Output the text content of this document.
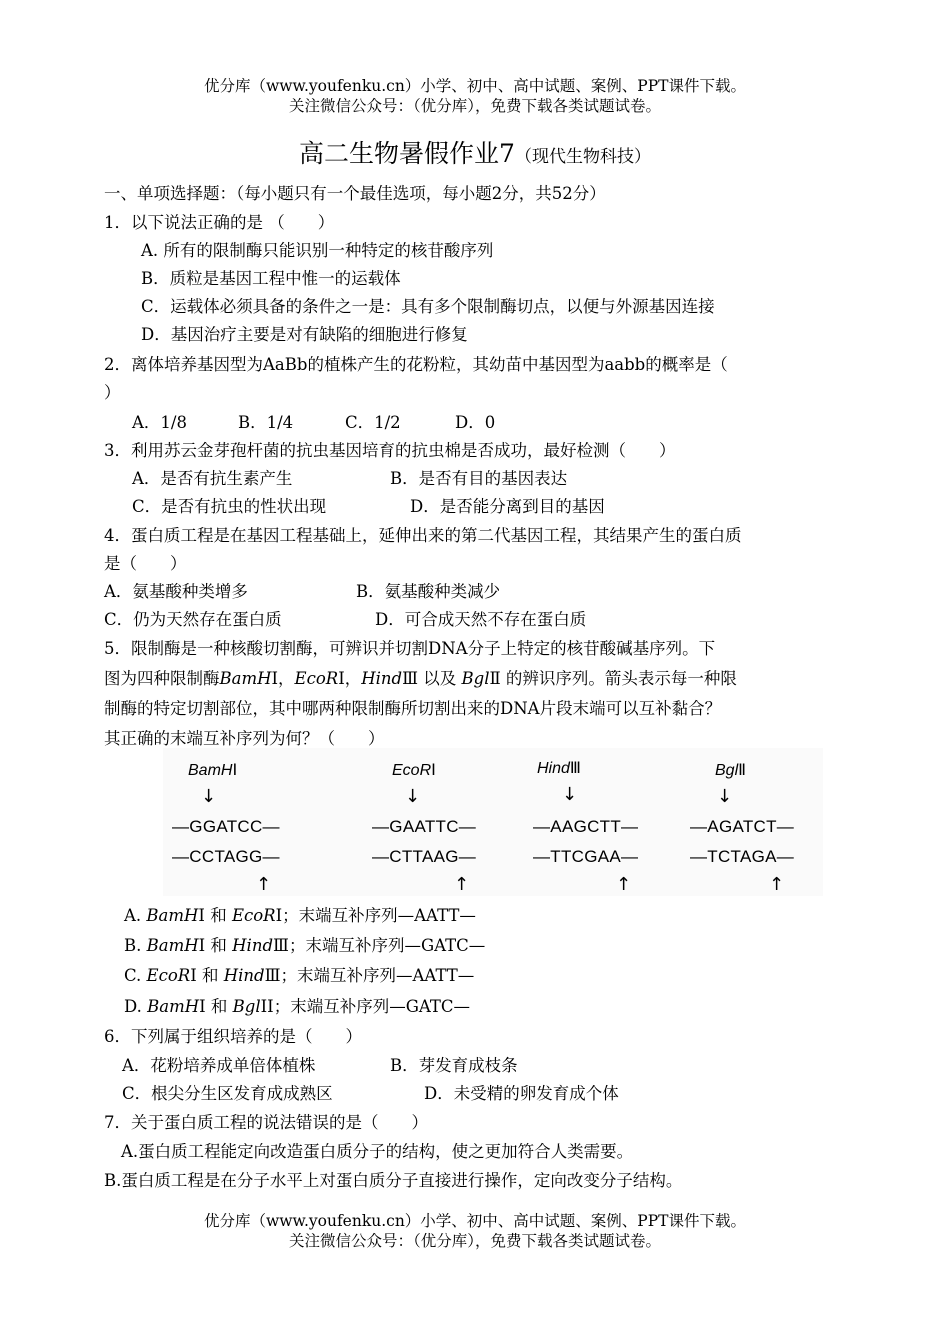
优分库（www.youfenku.cn）小学、初中、高中试题、案例、PPT课件下载。
关注微信公众号：（优分库），免费下载各类试题试卷。
高二生物暑假作业7（现代生物科技）
一、单项选择题：（每小题只有一个最佳选项，每小题2分，共52分）
1．以下说法正确的是 （　　）
A. 所有的限制酶只能识别一种特定的核苷酸序列
B．质粒是基因工程中惟一的运载体
C．运载体必须具备的条件之一是：具有多个限制酶切点，以便与外源基因连接
D．基因治疗主要是对有缺陷的细胞进行修复
2．离体培养基因型为AaBb的植株产生的花粉粒，其幼苗中基因型为aabb的概率是（
）
A．1/8	B．1/4	C．1/2	D．0
3．利用苏云金芽孢杆菌的抗虫基因培育的抗虫棉是否成功，最好检测（　　）
A．是否有抗生素产生	B．是否有目的基因表达
C．是否有抗虫的性状出现	D．是否能分离到目的基因
4．蛋白质工程是在基因工程基础上，延伸出来的第二代基因工程，其结果产生的蛋白质
是（　　）
A．氨基酸种类增多	B．氨基酸种类减少
C．仍为天然存在蛋白质	D．可合成天然不存在蛋白质
5．限制酶是一种核酸切割酶，可辨识并切割DNA分子上特定的核苷酸碱基序列。下
图为四种限制酶BamHⅠ，EcoRⅠ，HindⅢ 以及 BglⅡ 的辨识序列。箭头表示每一种限
制酶的特定切割部位，其中哪两种限制酶所切割出来的DNA片段末端可以互补黏合？
其正确的末端互补序列为何？（　　）
BamHⅠ	EcoRⅠ	HindⅢ	BglⅡ
↓	↓	↓	↓
—GGATCC—	—GAATTC—	—AAGCTT—	—AGATCT—
—CCTAGG—	—CTTAAG—	—TTCGAA—	—TCTAGA—
↑	↑	↑	↑
A. BamHⅠ 和 EcoRⅠ；末端互补序列—AATT—
B. BamHⅠ 和 HindⅢ；末端互补序列—GATC—
C. EcoRⅠ 和 HindⅢ；末端互补序列—AATT—
D. BamHⅠ 和 BglⅠⅠ；末端互补序列—GATC—
6．下列属于组织培养的是（　　）
A．花粉培养成单倍体植株	B．芽发育成枝条
C．根尖分生区发育成成熟区	D．未受精的卵发育成个体
7．关于蛋白质工程的说法错误的是（　　）
A.蛋白质工程能定向改造蛋白质分子的结构，使之更加符合人类需要。
B.蛋白质工程是在分子水平上对蛋白质分子直接进行操作，定向改变分子结构。
优分库（www.youfenku.cn）小学、初中、高中试题、案例、PPT课件下载。
关注微信公众号：（优分库），免费下载各类试题试卷。
